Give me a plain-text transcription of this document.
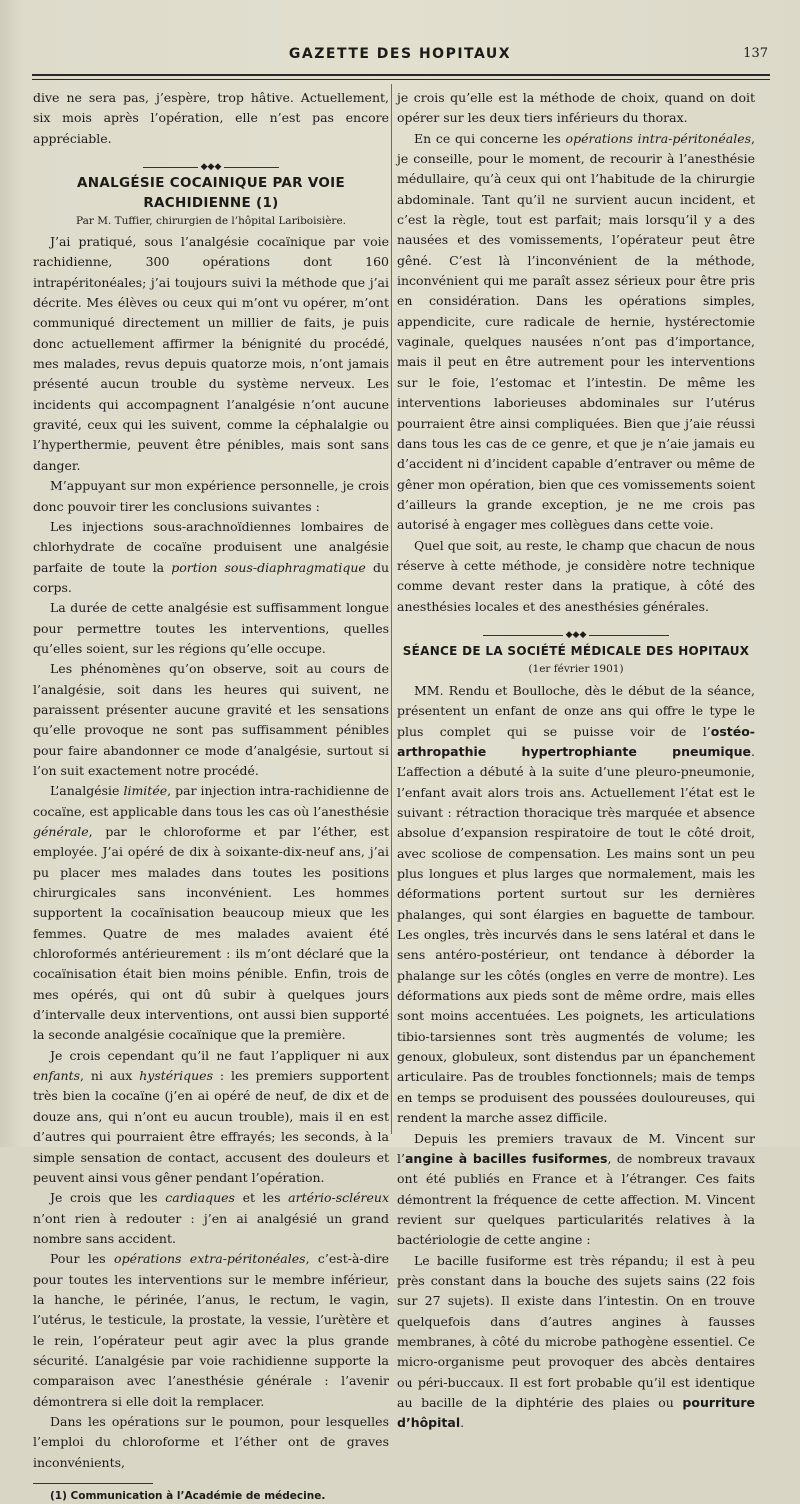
GAZETTE DES HOPITAUX	137

dive ne sera pas, j’espère, trop hâtive. Actuellement, six mois après l’opération, elle n’est pas encore appréciable.

◆◆◆
ANALGÉSIE COCAINIQUE PAR VOIE RACHIDIENNE (1)
Par M. Tuffier, chirurgien de l’hôpital Lariboisière.

J’ai pratiqué, sous l’analgésie cocaïnique par voie rachidienne, 300 opérations dont 160 intrapéritonéales; j’ai toujours suivi la méthode que j’ai décrite. Mes élèves ou ceux qui m’ont vu opérer, m’ont communiqué directement un millier de faits, je puis donc actuellement affirmer la bénignité du procédé, mes malades, revus depuis quatorze mois, n’ont jamais présenté aucun trouble du système nerveux. Les incidents qui accompagnent l’analgésie n’ont aucune gravité, ceux qui les suivent, comme la céphalalgie ou l’hyperthermie, peuvent être pénibles, mais sont sans danger.

M’appuyant sur mon expérience personnelle, je crois donc pouvoir tirer les conclusions suivantes :

Les injections sous-arachnoïdiennes lombaires de chlorhydrate de cocaïne produisent une analgésie parfaite de toute la portion sous-diaphragmatique du corps.

La durée de cette analgésie est suffisamment longue pour permettre toutes les interventions, quelles qu’elles soient, sur les régions qu’elle occupe.

Les phénomènes qu’on observe, soit au cours de l’analgésie, soit dans les heures qui suivent, ne paraissent présenter aucune gravité et les sensations qu’elle provoque ne sont pas suffisamment pénibles pour faire abandonner ce mode d’analgésie, surtout si l’on suit exactement notre procédé.

L’analgésie limitée, par injection intra-rachidienne de cocaïne, est applicable dans tous les cas où l’anesthésie générale, par le chloroforme et par l’éther, est employée. J’ai opéré de dix à soixante-dix-neuf ans, j’ai pu placer mes malades dans toutes les positions chirurgicales sans inconvénient. Les hommes supportent la cocaïnisation beaucoup mieux que les femmes. Quatre de mes malades avaient été chloroformés antérieurement : ils m’ont déclaré que la cocaïnisation était bien moins pénible. Enfin, trois de mes opérés, qui ont dû subir à quelques jours d’intervalle deux interventions, ont aussi bien supporté la seconde analgésie cocaïnique que la première.

Je crois cependant qu’il ne faut l’appliquer ni aux enfants, ni aux hystériques : les premiers supportent très bien la cocaïne (j’en ai opéré de neuf, de dix et de douze ans, qui n’ont eu aucun trouble), mais il en est d’autres qui pourraient être effrayés; les seconds, à la simple sensation de contact, accusent des douleurs et peuvent ainsi vous gêner pendant l’opération.

Je crois que les cardiaques et les artério-scléreux n’ont rien à redouter : j’en ai analgésié un grand nombre sans accident.

Pour les opérations extra-péritonéales, c’est-à-dire pour toutes les interventions sur le membre inférieur, la hanche, le périnée, l’anus, le rectum, le vagin, l’utérus, le testicule, la prostate, la vessie, l’urètère et le rein, l’opérateur peut agir avec la plus grande sécurité. L’analgésie par voie rachidienne supporte la comparaison avec l’anesthésie générale : l’avenir démontrera si elle doit la remplacer.

Dans les opérations sur le poumon, pour lesquelles l’emploi du chloroforme et l’éther ont de graves inconvénients,

(1) Communication à l’Académie de médecine.

je crois qu’elle est la méthode de choix, quand on doit opérer sur les deux tiers inférieurs du thorax.

En ce qui concerne les opérations intra-péritonéales, je conseille, pour le moment, de recourir à l’anesthésie médullaire, qu’à ceux qui ont l’habitude de la chirurgie abdominale. Tant qu’il ne survient aucun incident, et c’est la règle, tout est parfait; mais lorsqu’il y a des nausées et des vomissements, l’opérateur peut être gêné. C’est là l’inconvénient de la méthode, inconvénient qui me paraît assez sérieux pour être pris en considération. Dans les opérations simples, appendicite, cure radicale de hernie, hystérectomie vaginale, quelques nausées n’ont pas d’importance, mais il peut en être autrement pour les interventions sur le foie, l’estomac et l’intestin. De même les interventions laborieuses abdominales sur l’utérus pourraient être ainsi compliquées. Bien que j’aie réussi dans tous les cas de ce genre, et que je n’aie jamais eu d’accident ni d’incident capable d’entraver ou même de gêner mon opération, bien que ces vomissements soient d’ailleurs la grande exception, je ne me crois pas autorisé à engager mes collègues dans cette voie.

Quel que soit, au reste, le champ que chacun de nous réserve à cette méthode, je considère notre technique comme devant rester dans la pratique, à côté des anesthésies locales et des anesthésies générales.

◆◆◆
SÉANCE DE LA SOCIÉTÉ MÉDICALE DES HOPITAUX
(1er février 1901)

MM. Rendu et Boulloche, dès le début de la séance, présentent un enfant de onze ans qui offre le type le plus complet qui se puisse voir de l’ostéo-arthropathie hypertrophiante pneumique. L’affection a débuté à la suite d’une pleuro-pneumonie, l’enfant avait alors trois ans. Actuellement l’état est le suivant : rétraction thoracique très marquée et absence absolue d’expansion respiratoire de tout le côté droit, avec scoliose de compensation. Les mains sont un peu plus longues et plus larges que normalement, mais les déformations portent surtout sur les dernières phalanges, qui sont élargies en baguette de tambour. Les ongles, très incurvés dans le sens latéral et dans le sens antéro-postérieur, ont tendance à déborder la phalange sur les côtés (ongles en verre de montre). Les déformations aux pieds sont de même ordre, mais elles sont moins accentuées. Les poignets, les articulations tibio-tarsiennes sont très augmentés de volume; les genoux, globuleux, sont distendus par un épanchement articulaire. Pas de troubles fonctionnels; mais de temps en temps se produisent des poussées douloureuses, qui rendent la marche assez difficile.

Depuis les premiers travaux de M. Vincent sur l’angine à bacilles fusiformes, de nombreux travaux ont été publiés en France et à l’étranger. Ces faits démontrent la fréquence de cette affection. M. Vincent revient sur quelques particularités relatives à la bactériologie de cette angine :

Le bacille fusiforme est très répandu; il est à peu près constant dans la bouche des sujets sains (22 fois sur 27 sujets). Il existe dans l’intestin. On en trouve quelquefois dans d’autres angines à fausses membranes, à côté du microbe pathogène essentiel. Ce micro-organisme peut provoquer des abcès dentaires ou péri-buccaux. Il est fort probable qu’il est identique au bacille de la diphtérie des plaies ou pourriture d’hôpital.
